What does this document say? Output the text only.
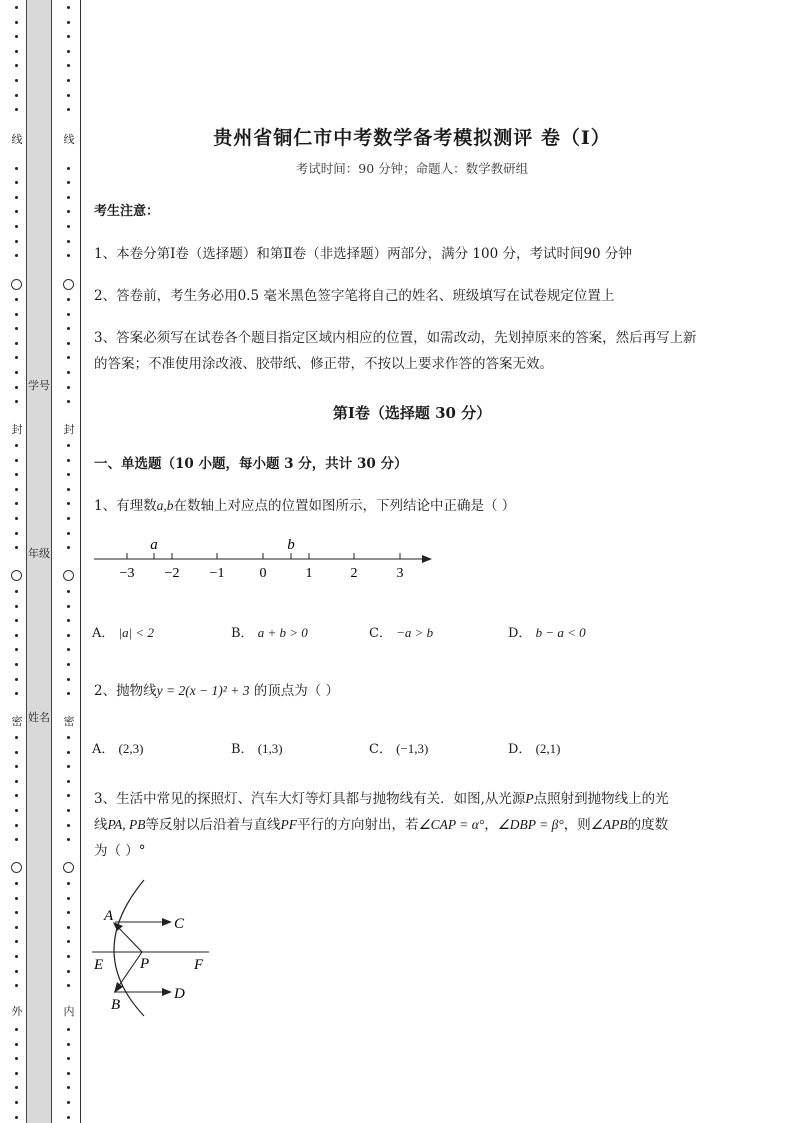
线
封
密
外
学号
年级
姓名
线
封
密
内
贵州省铜仁市中考数学备考模拟测评 卷（Ⅰ）
考试时间：90 分钟；命题人：数学教研组
考生注意：
1、本卷分第Ⅰ卷（选择题）和第Ⅱ卷（非选择题）两部分，满分 100 分，考试时间90 分钟
2、答卷前，考生务必用0.5 毫米黑色签字笔将自己的姓名、班级填写在试卷规定位置上
3、答案必须写在试卷各个题目指定区域内相应的位置，如需改动，先划掉原来的答案，然后再写上新
的答案；不准使用涂改液、胶带纸、修正带，不按以上要求作答的答案无效。
第Ⅰ卷（选择题 30 分）
一、单选题（10 小题，每小题 3 分，共计 30 分）
1、有理数a,b在数轴上对应点的位置如图所示，下列结论中正确是（ ）
a	b
−3 −2 −1	0	1	2	3
A． |a| < 2	B． a + b > 0	C． −a > b	D． b − a < 0
2、抛物线y = 2(x − 1)² + 3 的顶点为（ ）
A． (2,3)	B． (1,3)	C． (−1,3)	D． (2,1)
3、生活中常见的探照灯、汽车大灯等灯具都与抛物线有关．如图,从光源P点照射到抛物线上的光
线PA, PB等反射以后沿着与直线PF平行的方向射出，若∠CAP = α°，∠DBP = β°，则∠APB的度数
为（ ）°
A	C
E P	F
B
D
